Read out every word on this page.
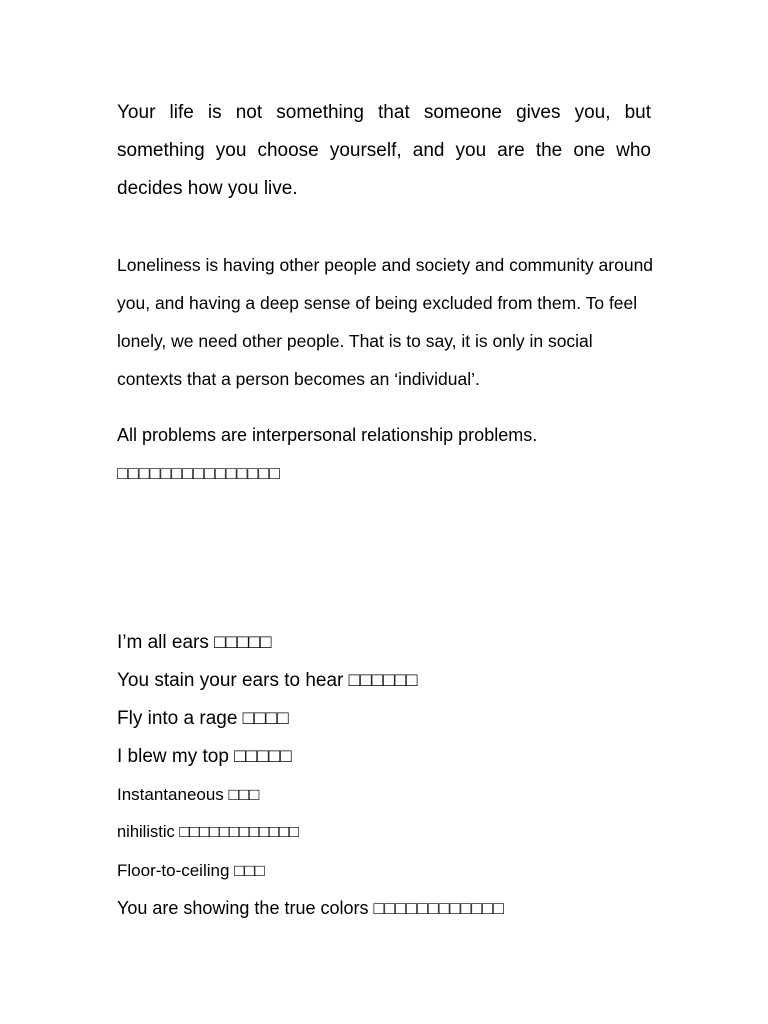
Your life is not something that someone gives you, but something you choose yourself, and you are the one who decides how you live.

Loneliness is having other people and society and community around you, and having a deep sense of being excluded from them. To feel lonely, we need other people. That is to say, it is only in social contexts that a person becomes an ‘individual’.

All problems are interpersonal relationship problems.

□□□□□□□□□□□□□□□

I’m all ears □□□□□

You stain your ears to hear □□□□□□

Fly into a rage □□□□

I blew my top □□□□□

Instantaneous □□□

nihilistic □□□□□□□□□□□□

Floor-to-ceiling □□□

You are showing the true colors □□□□□□□□□□□□
